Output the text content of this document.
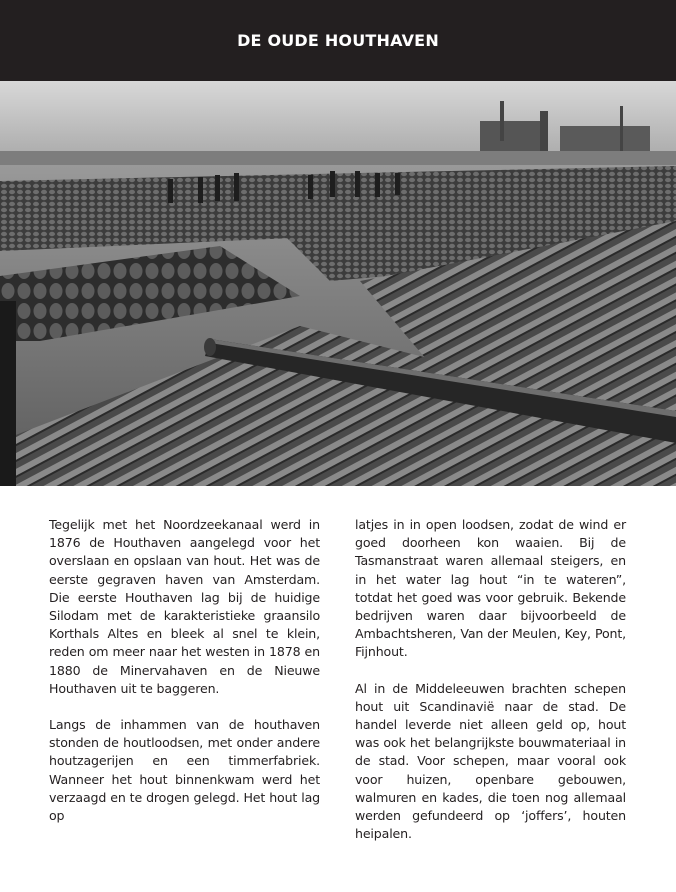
DE OUDE HOUTHAVEN

Tegelijk met het Noordzeekanaal werd in 1876 de Houthaven aangelegd voor het overslaan en opslaan van hout. Het was de eerste gegraven haven van Amsterdam. Die eerste Houthaven lag bij de huidige Silodam met de karakteristieke graansilo Korthals Altes en bleek al snel te klein, reden om meer naar het westen in 1878 en 1880 de Minervahaven en de Nieuwe Houthaven uit te baggeren.

Langs de inhammen van de houthaven stonden de houtloodsen, met onder andere houtzagerijen en een timmerfabriek. Wanneer het hout binnenkwam werd het verzaagd en te drogen gelegd. Het hout lag op

latjes in in open loodsen, zodat de wind er goed doorheen kon waaien. Bij de Tasmanstraat waren allemaal steigers, en in het water lag hout “in te wateren”, totdat het goed was voor gebruik. Bekende bedrijven waren daar bijvoorbeeld de Ambachtsheren, Van der Meulen, Key, Pont, Fijnhout.

Al in de Middeleeuwen brachten schepen hout uit Scandinavië naar de stad. De handel leverde niet alleen geld op, hout was ook het belangrijkste bouwmateriaal in de stad. Voor schepen, maar vooral ook voor huizen, openbare gebouwen, walmuren en kades, die toen nog allemaal werden gefundeerd op ‘joffers’, houten heipalen.
